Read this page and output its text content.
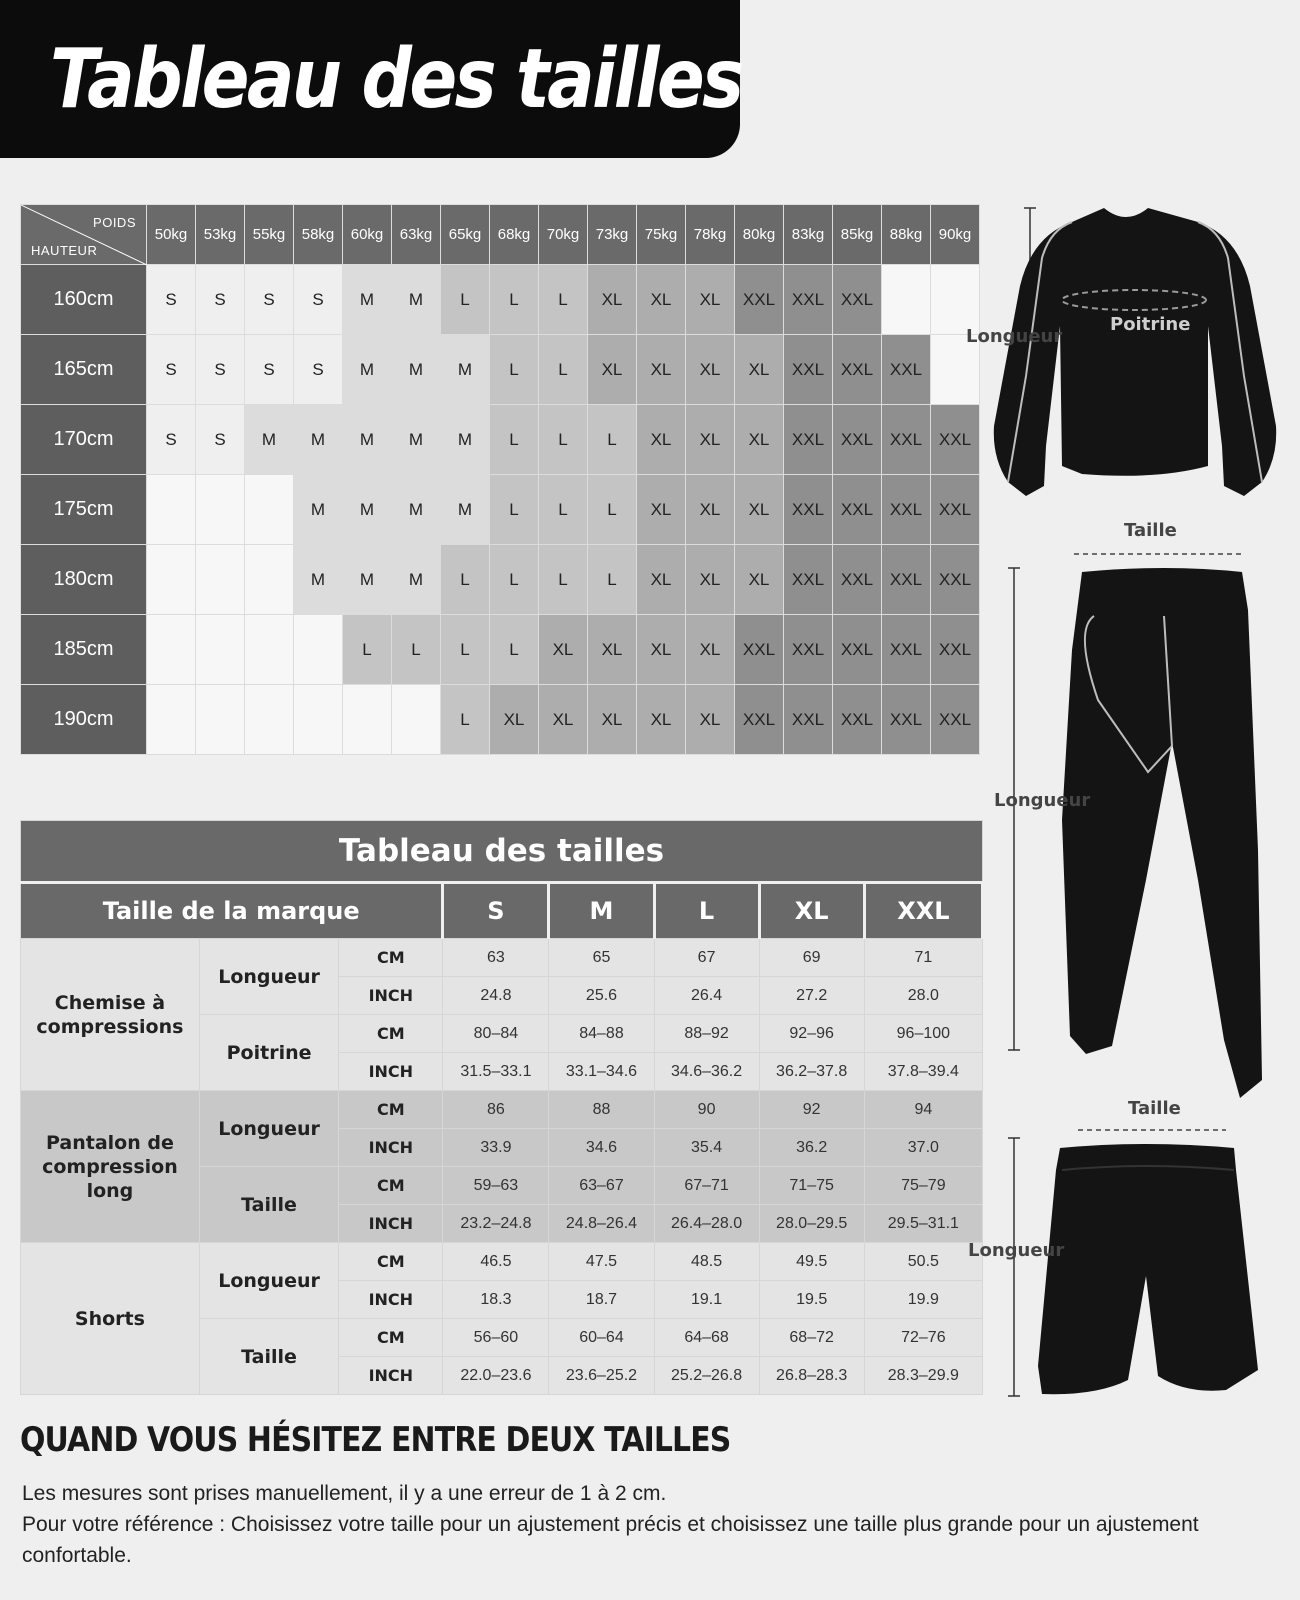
Tableau des tailles
POIDS
HAUTEUR	50kg	53kg	55kg	58kg	60kg	63kg	65kg	68kg	70kg	73kg	75kg	78kg	80kg	83kg	85kg	88kg	90kg
160cm	S	S	S	S	M	M	L	L	L	XL	XL	XL	XXL	XXL	XXL		
165cm	S	S	S	S	M	M	M	L	L	XL	XL	XL	XL	XXL	XXL	XXL	
170cm	S	S	M	M	M	M	M	L	L	L	XL	XL	XL	XXL	XXL	XXL	XXL
175cm				M	M	M	M	L	L	L	XL	XL	XL	XXL	XXL	XXL	XXL
180cm				M	M	M	L	L	L	L	XL	XL	XL	XXL	XXL	XXL	XXL
185cm					L	L	L	L	XL	XL	XL	XL	XXL	XXL	XXL	XXL	XXL
190cm							L	XL	XL	XL	XL	XL	XXL	XXL	XXL	XXL	XXL
Tableau des tailles							
Taille de la marque			S	M	L	XL	XXL
Chemise à compressions	Longueur	CM	63	65	67	69	71
		INCH	24.8	25.6	26.4	27.2	28.0
	Poitrine	CM	80–84	84–88	88–92	92–96	96–100
		INCH	31.5–33.1	33.1–34.6	34.6–36.2	36.2–37.8	37.8–39.4
Pantalon de compression long	Longueur	CM	86	88	90	92	94
		INCH	33.9	34.6	35.4	36.2	37.0
	Taille	CM	59–63	63–67	67–71	71–75	75–79
		INCH	23.2–24.8	24.8–26.4	26.4–28.0	28.0–29.5	29.5–31.1
Shorts	Longueur	CM	46.5	47.5	48.5	49.5	50.5
		INCH	18.3	18.7	19.1	19.5	19.9
	Taille	CM	56–60	60–64	64–68	68–72	72–76
		INCH	22.0–23.6	23.6–25.2	25.2–26.8	26.8–28.3	28.3–29.9
Longueur
Poitrine
Taille
Longueur
Taille
Longueur
QUAND VOUS HÉSITEZ ENTRE DEUX TAILLES
Les mesures sont prises manuellement, il y a une erreur de 1 à 2 cm.
Pour votre référence : Choisissez votre taille pour un ajustement précis et choisissez une taille plus grande pour un ajustement confortable.
